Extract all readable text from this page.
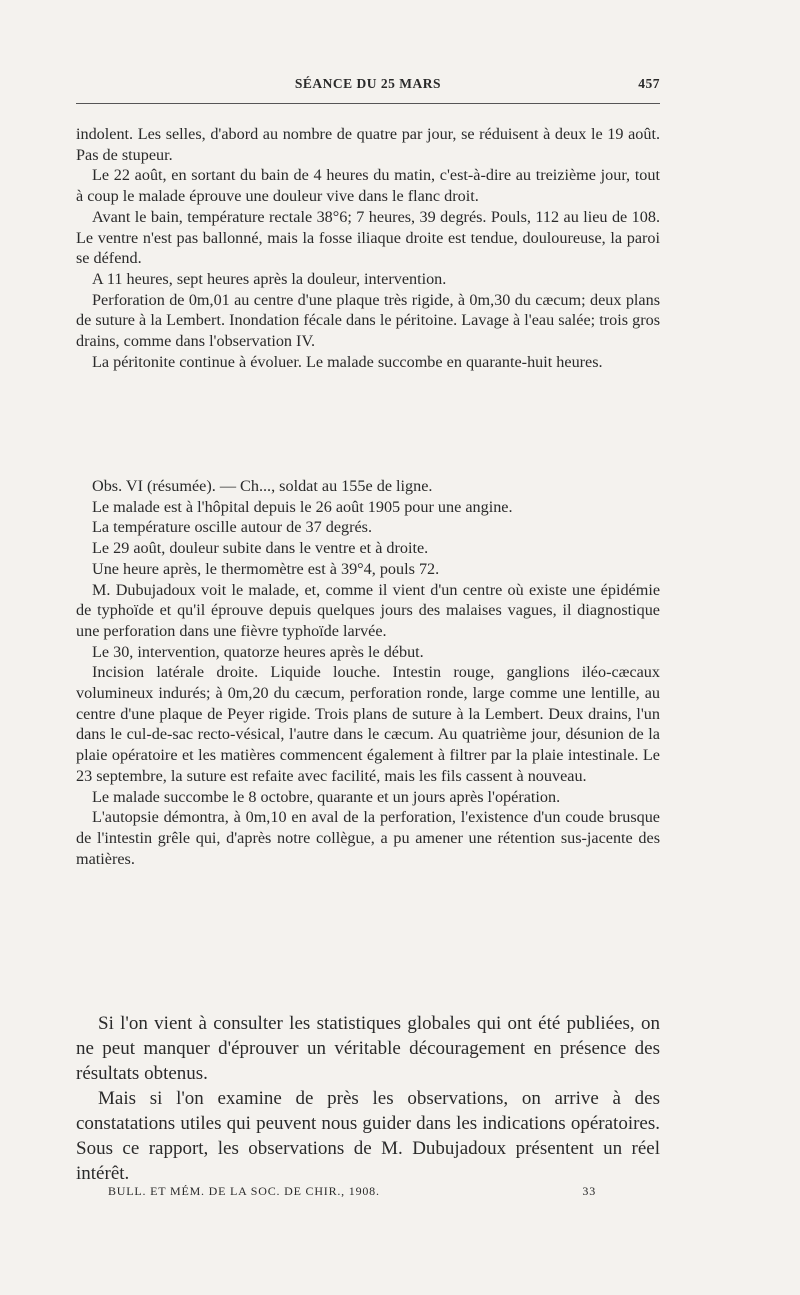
SÉANCE DU 25 MARS	457

indolent. Les selles, d'abord au nombre de quatre par jour, se réduisent à deux le 19 août. Pas de stupeur.

Le 22 août, en sortant du bain de 4 heures du matin, c'est-à-dire au treizième jour, tout à coup le malade éprouve une douleur vive dans le flanc droit.

Avant le bain, température rectale 38°6; 7 heures, 39 degrés. Pouls, 112 au lieu de 108. Le ventre n'est pas ballonné, mais la fosse iliaque droite est tendue, douloureuse, la paroi se défend.

A 11 heures, sept heures après la douleur, intervention.

Perforation de 0m,01 au centre d'une plaque très rigide, à 0m,30 du cæcum; deux plans de suture à la Lembert. Inondation fécale dans le péritoine. Lavage à l'eau salée; trois gros drains, comme dans l'observation IV.

La péritonite continue à évoluer. Le malade succombe en quarante-huit heures.

Obs. VI (résumée). — Ch..., soldat au 155e de ligne.

Le malade est à l'hôpital depuis le 26 août 1905 pour une angine.

La température oscille autour de 37 degrés.

Le 29 août, douleur subite dans le ventre et à droite.

Une heure après, le thermomètre est à 39°4, pouls 72.

M. Dubujadoux voit le malade, et, comme il vient d'un centre où existe une épidémie de typhoïde et qu'il éprouve depuis quelques jours des malaises vagues, il diagnostique une perforation dans une fièvre typhoïde larvée.

Le 30, intervention, quatorze heures après le début.

Incision latérale droite. Liquide louche. Intestin rouge, ganglions iléo-cæcaux volumineux indurés; à 0m,20 du cæcum, perforation ronde, large comme une lentille, au centre d'une plaque de Peyer rigide. Trois plans de suture à la Lembert. Deux drains, l'un dans le cul-de-sac recto-vésical, l'autre dans le cæcum. Au quatrième jour, désunion de la plaie opératoire et les matières commencent également à filtrer par la plaie intestinale. Le 23 septembre, la suture est refaite avec facilité, mais les fils cassent à nouveau.

Le malade succombe le 8 octobre, quarante et un jours après l'opération.

L'autopsie démontra, à 0m,10 en aval de la perforation, l'existence d'un coude brusque de l'intestin grêle qui, d'après notre collègue, a pu amener une rétention sus-jacente des matières.

Si l'on vient à consulter les statistiques globales qui ont été publiées, on ne peut manquer d'éprouver un véritable découragement en présence des résultats obtenus.

Mais si l'on examine de près les observations, on arrive à des constatations utiles qui peuvent nous guider dans les indications opératoires. Sous ce rapport, les observations de M. Dubujadoux présentent un réel intérêt.

BULL. ET MÉM. DE LA SOC. DE CHIR., 1908.	33
